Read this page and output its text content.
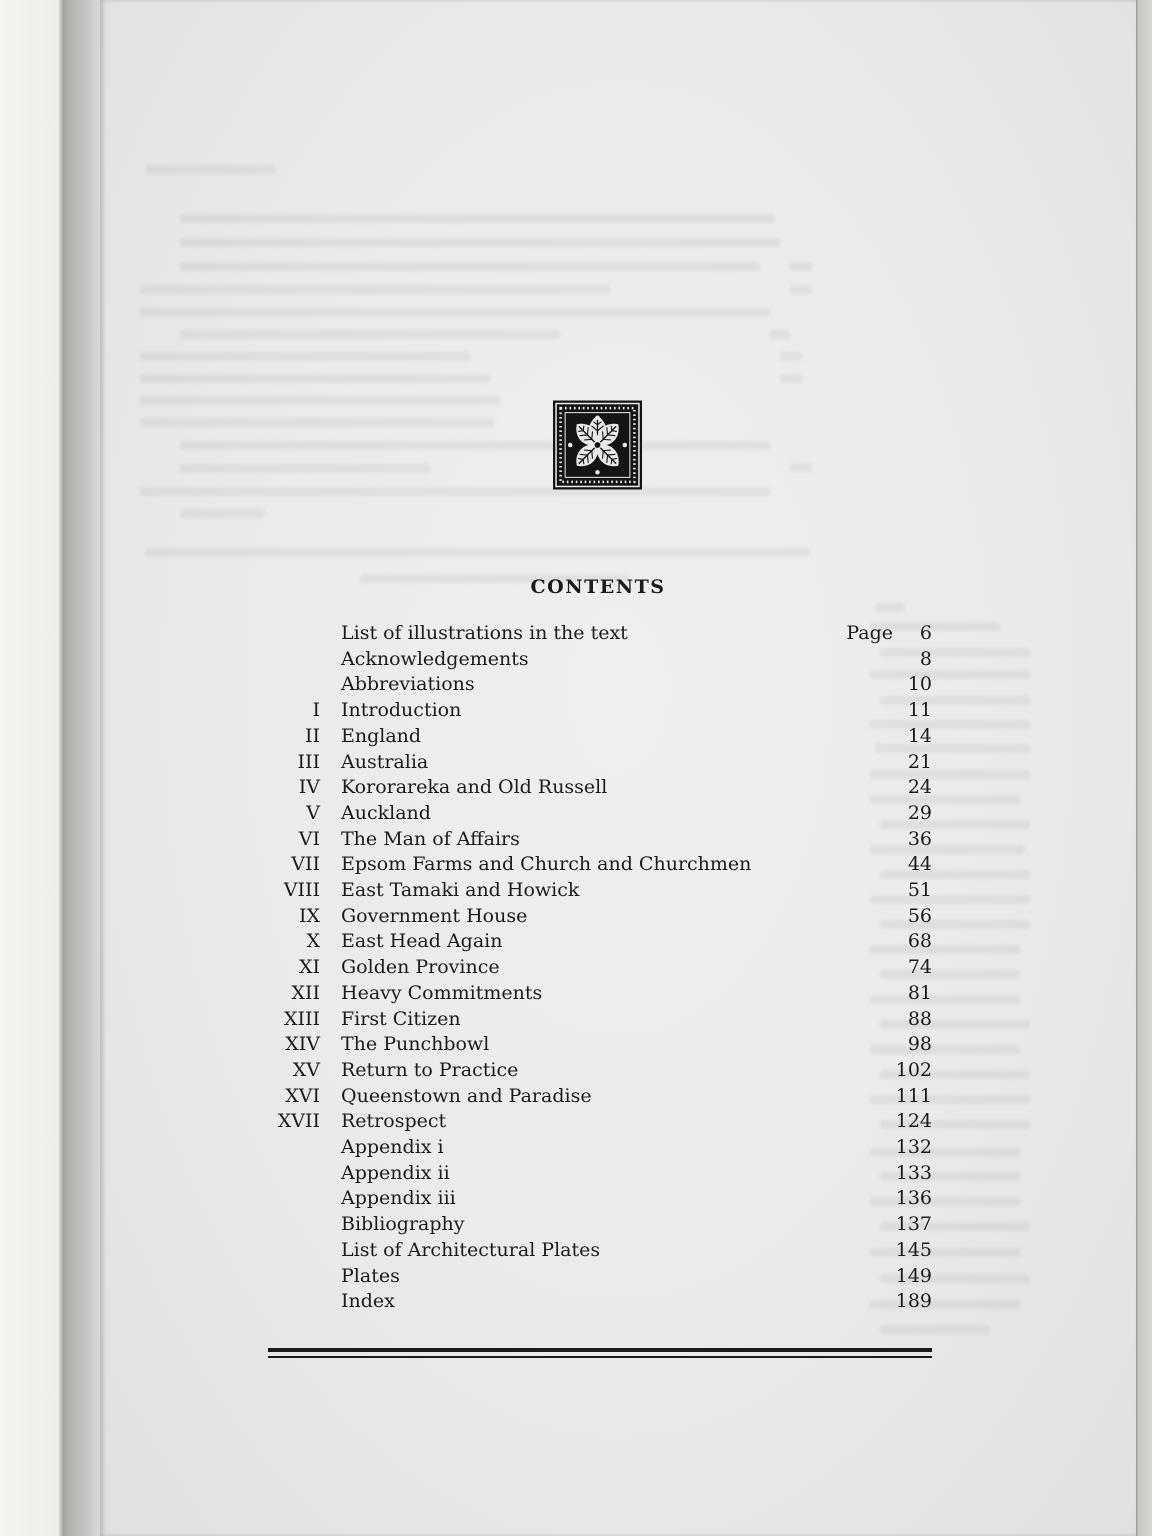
CONTENTS
Page
List of illustrations in the text	6
Acknowledgements	8
Abbreviations	10
I Introduction	11
II England	14
III Australia	21
IV Kororareka and Old Russell	24
V Auckland	29
VI The Man of Affairs	36
VII Epsom Farms and Church and Churchmen	44
VIII East Tamaki and Howick	51
IX Government House	56
X East Head Again	68
XI Golden Province	74
XII Heavy Commitments	81
XIII First Citizen	88
XIV The Punchbowl	98
XV Return to Practice	102
XVI Queenstown and Paradise	111
XVII Retrospect	124
Appendix i	132
Appendix ii	133
Appendix iii	136
Bibliography	137
List of Architectural Plates	145
Plates	149
Index	189
